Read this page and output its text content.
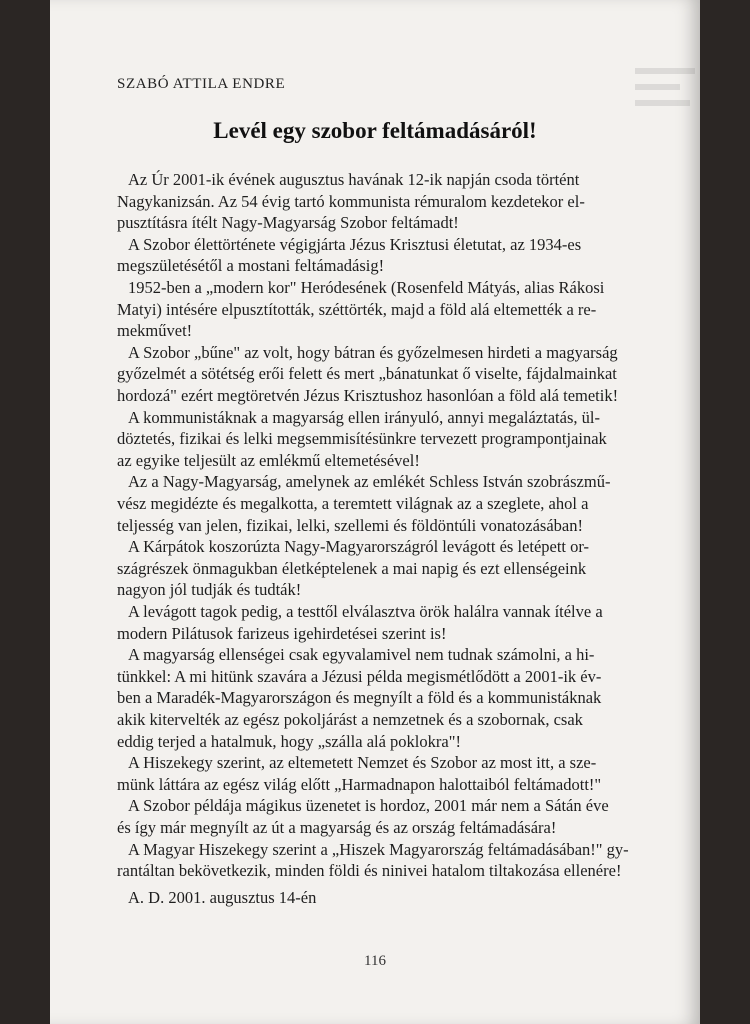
SZABÓ ATTILA ENDRE
Levél egy szobor feltámadásáról!
Az Úr 2001-ik évének augusztus havának 12-ik napján csoda történt
Nagykanizsán. Az 54 évig tartó kommunista rémuralom kezdetekor el-
pusztításra ítélt Nagy-Magyarság Szobor feltámadt!
A Szobor élettörténete végigjárta Jézus Krisztusi életutat, az 1934-es
megszületésétől a mostani feltámadásig!
1952-ben a „modern kor" Heródesének (Rosenfeld Mátyás, alias Rákosi
Matyi) intésére elpusztították, széttörték, majd a föld alá eltemették a re-
mekművet!
A Szobor „bűne" az volt, hogy bátran és győzelmesen hirdeti a magyarság
győzelmét a sötétség erői felett és mert „bánatunkat ő viselte, fájdalmainkat
hordozá" ezért megtöretvén Jézus Krisztushoz hasonlóan a föld alá temetik!
A kommunistáknak a magyarság ellen irányuló, annyi megaláztatás, ül-
döztetés, fizikai és lelki megsemmisítésünkre tervezett programpontjainak
az egyike teljesült az emlékmű eltemetésével!
Az a Nagy-Magyarság, amelynek az emlékét Schless István szobrászmű-
vész megidézte és megalkotta, a teremtett világnak az a szeglete, ahol a
teljesség van jelen, fizikai, lelki, szellemi és földöntúli vonatozásában!
A Kárpátok koszorúzta Nagy-Magyarországról levágott és letépett or-
szágrészek önmagukban életképtelenek a mai napig és ezt ellenségeink
nagyon jól tudják és tudták!
A levágott tagok pedig, a testtől elválasztva örök halálra vannak ítélve a
modern Pilátusok farizeus igehirdetései szerint is!
A magyarság ellenségei csak egyvalamivel nem tudnak számolni, a hi-
tünkkel: A mi hitünk szavára a Jézusi példa megismétlődött a 2001-ik év-
ben a Maradék-Magyarországon és megnyílt a föld és a kommunistáknak
akik kitervelték az egész pokoljárást a nemzetnek és a szobornak, csak
eddig terjed a hatalmuk, hogy „szálla alá poklokra"!
A Hiszekegy szerint, az eltemetett Nemzet és Szobor az most itt, a sze-
münk láttára az egész világ előtt „Harmadnapon halottaiból feltámadott!"
A Szobor példája mágikus üzenetet is hordoz, 2001 már nem a Sátán éve
és így már megnyílt az út a magyarság és az ország feltámadására!
A Magyar Hiszekegy szerint a „Hiszek Magyarország feltámadásában!" gy-
rantáltan bekövetkezik, minden földi és ninivei hatalom tiltakozása ellenére!
A. D. 2001. augusztus 14-én
116
